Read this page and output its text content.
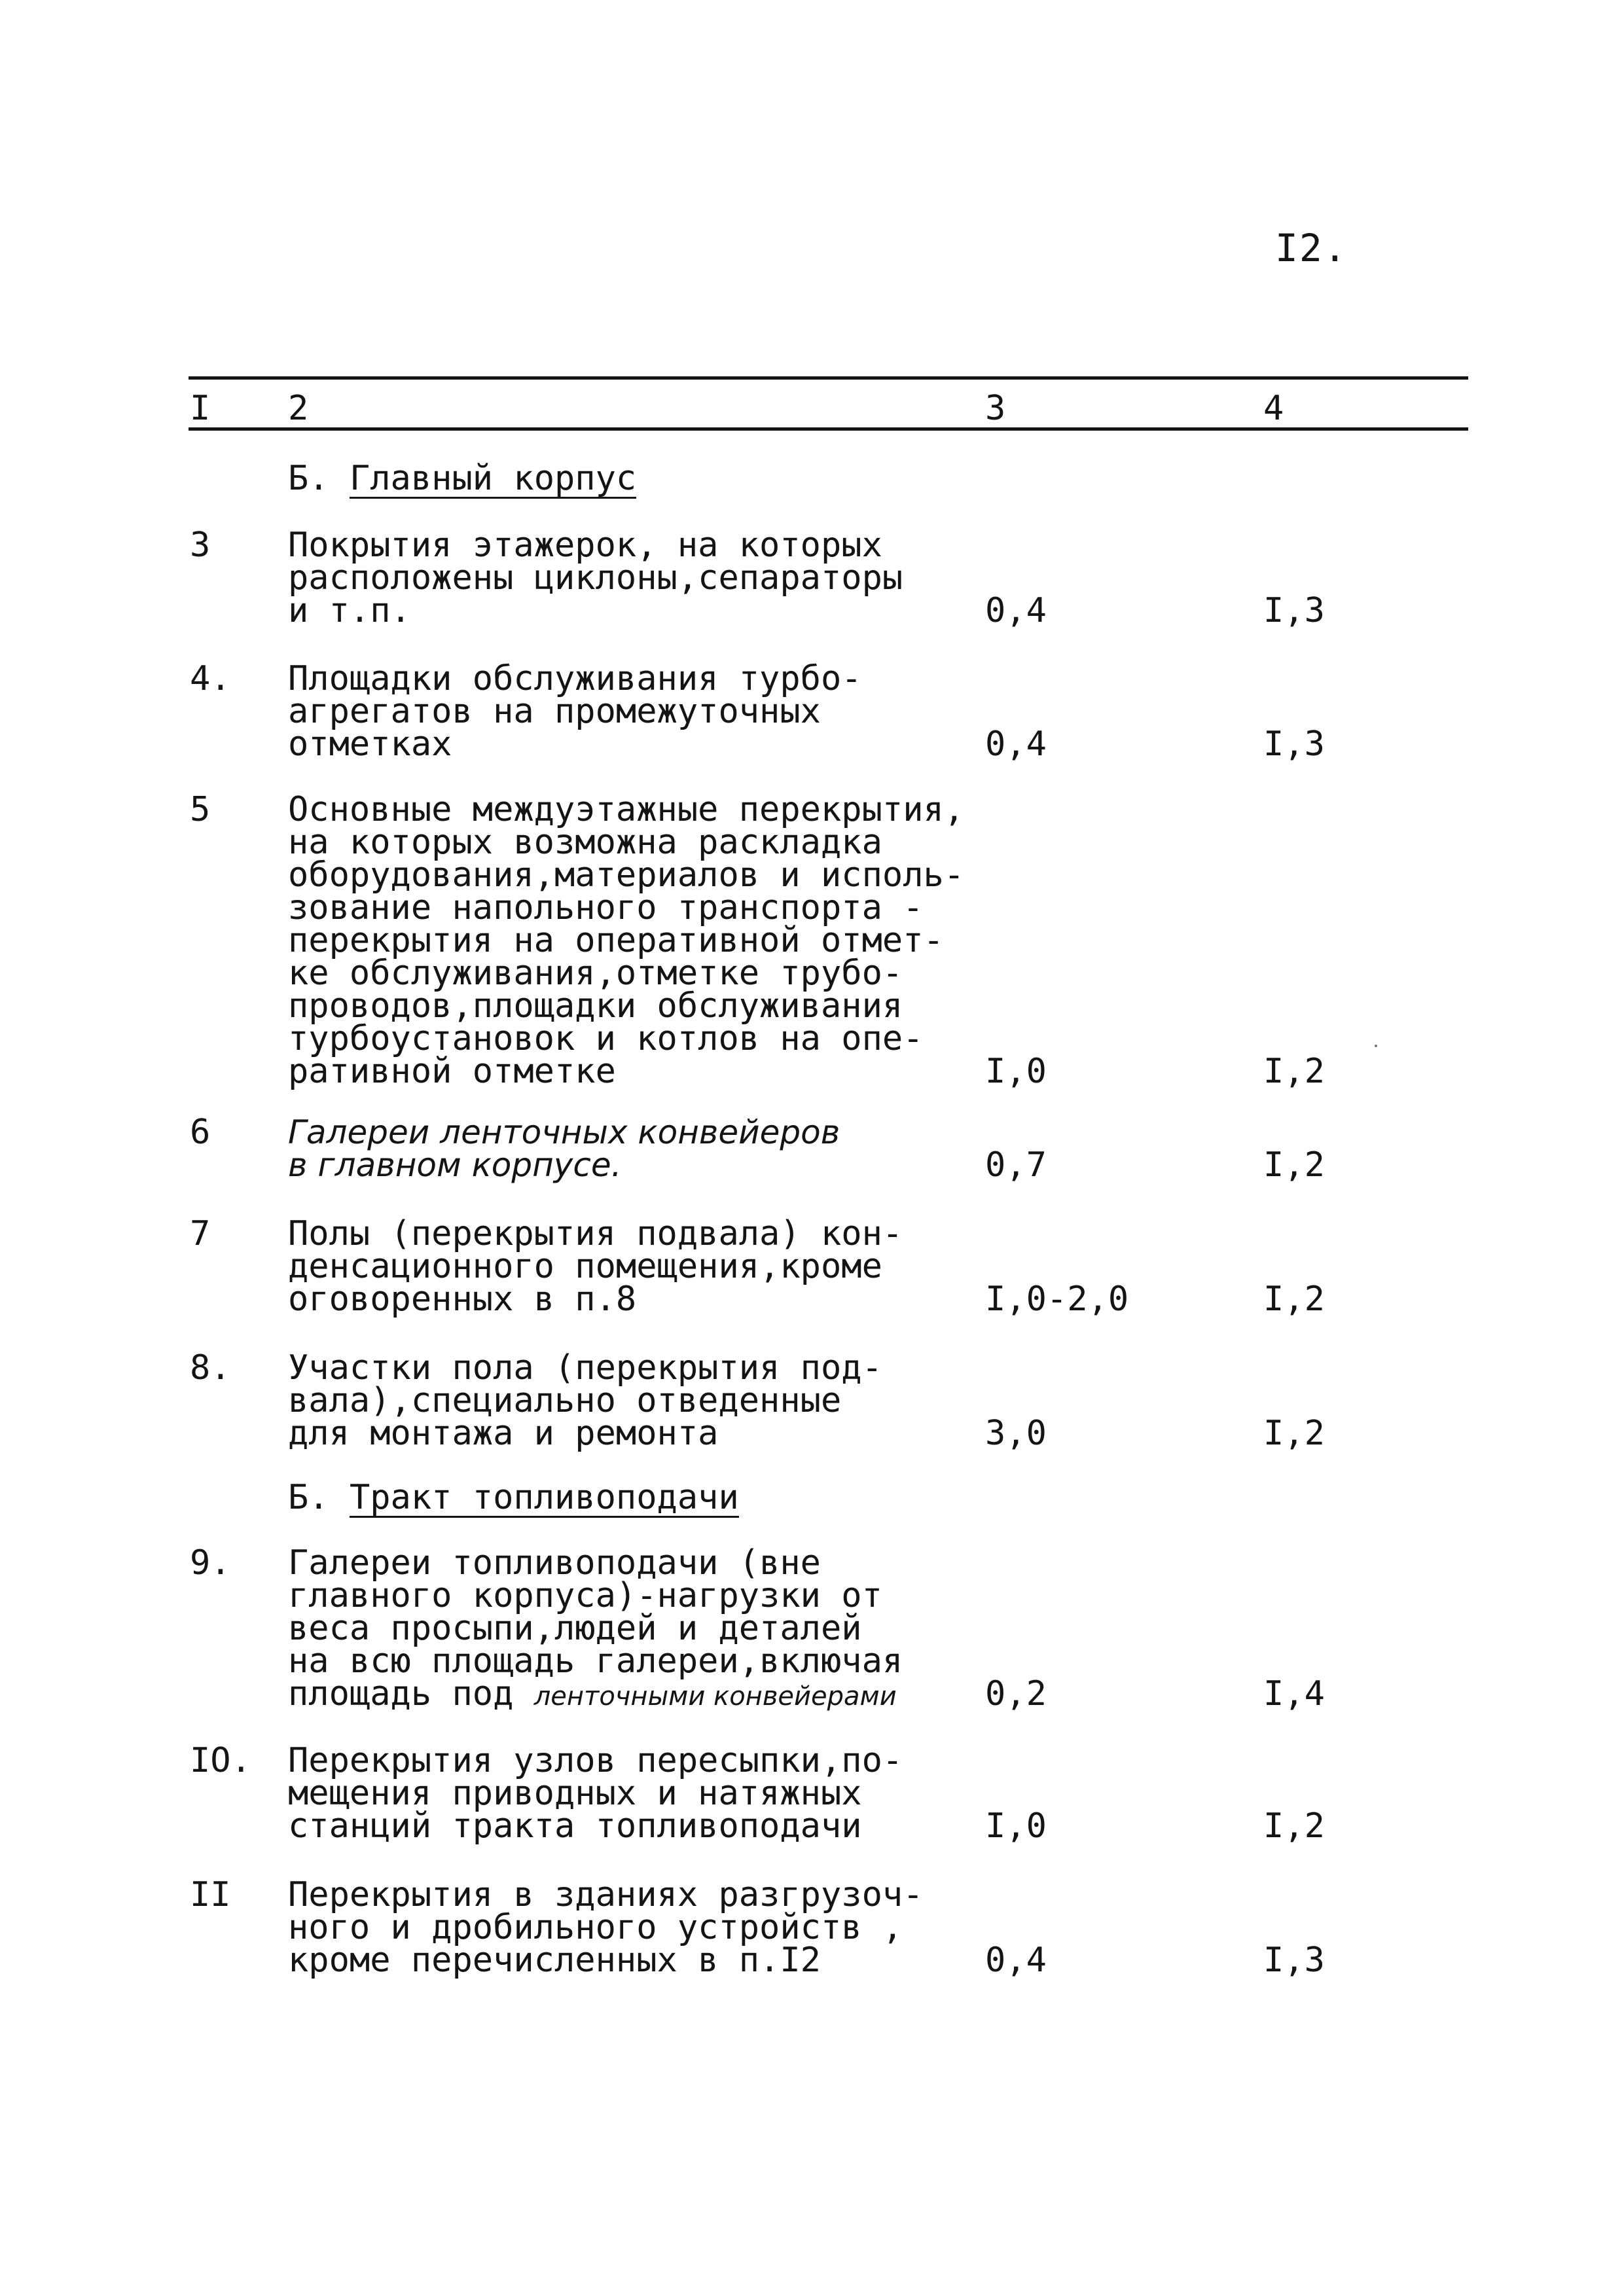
I2.
I 2	3	4
Б. Главный корпус
3 Покрытия этажерок, на которых
расположены циклоны,сепараторы
и т.п.	0,4	I,3
4. Площадки обслуживания турбо-
агрегатов на промежуточных
отметках	0,4	I,3
5 Основные междуэтажные перекрытия,
на которых возможна раскладка
оборудования,материалов и исполь-
зование напольного транспорта -
перекрытия на оперативной отмет-
ке обслуживания,отметке трубо-
проводов,площадки обслуживания
турбоустановок и котлов на опе-
ративной отметке	I,0	I,2
6 Галереи ленточных конвейеров
в главном корпусе.	0,7	I,2
7 Полы (перекрытия подвала) кон-
денсационного помещения,кроме
оговоренных в п.8	I,0-2,0	I,2
8. Участки пола (перекрытия под-
вала),специально отведенные
для монтажа и ремонта	3,0	I,2
Б. Тракт топливоподачи
9. Галереи топливоподачи (вне
главного корпуса)-нагрузки от
веса просыпи,людей и деталей
на всю площадь галереи,включая
площадь под ленточными конвейерами	0,2	I,4
IO. Перекрытия узлов пересыпки,по-
мещения приводных и натяжных
станций тракта топливоподачи	I,0	I,2
II Перекрытия в зданиях разгрузоч-
ного и дробильного устройств ,
кроме перечисленных в п.I2	0,4	I,3
